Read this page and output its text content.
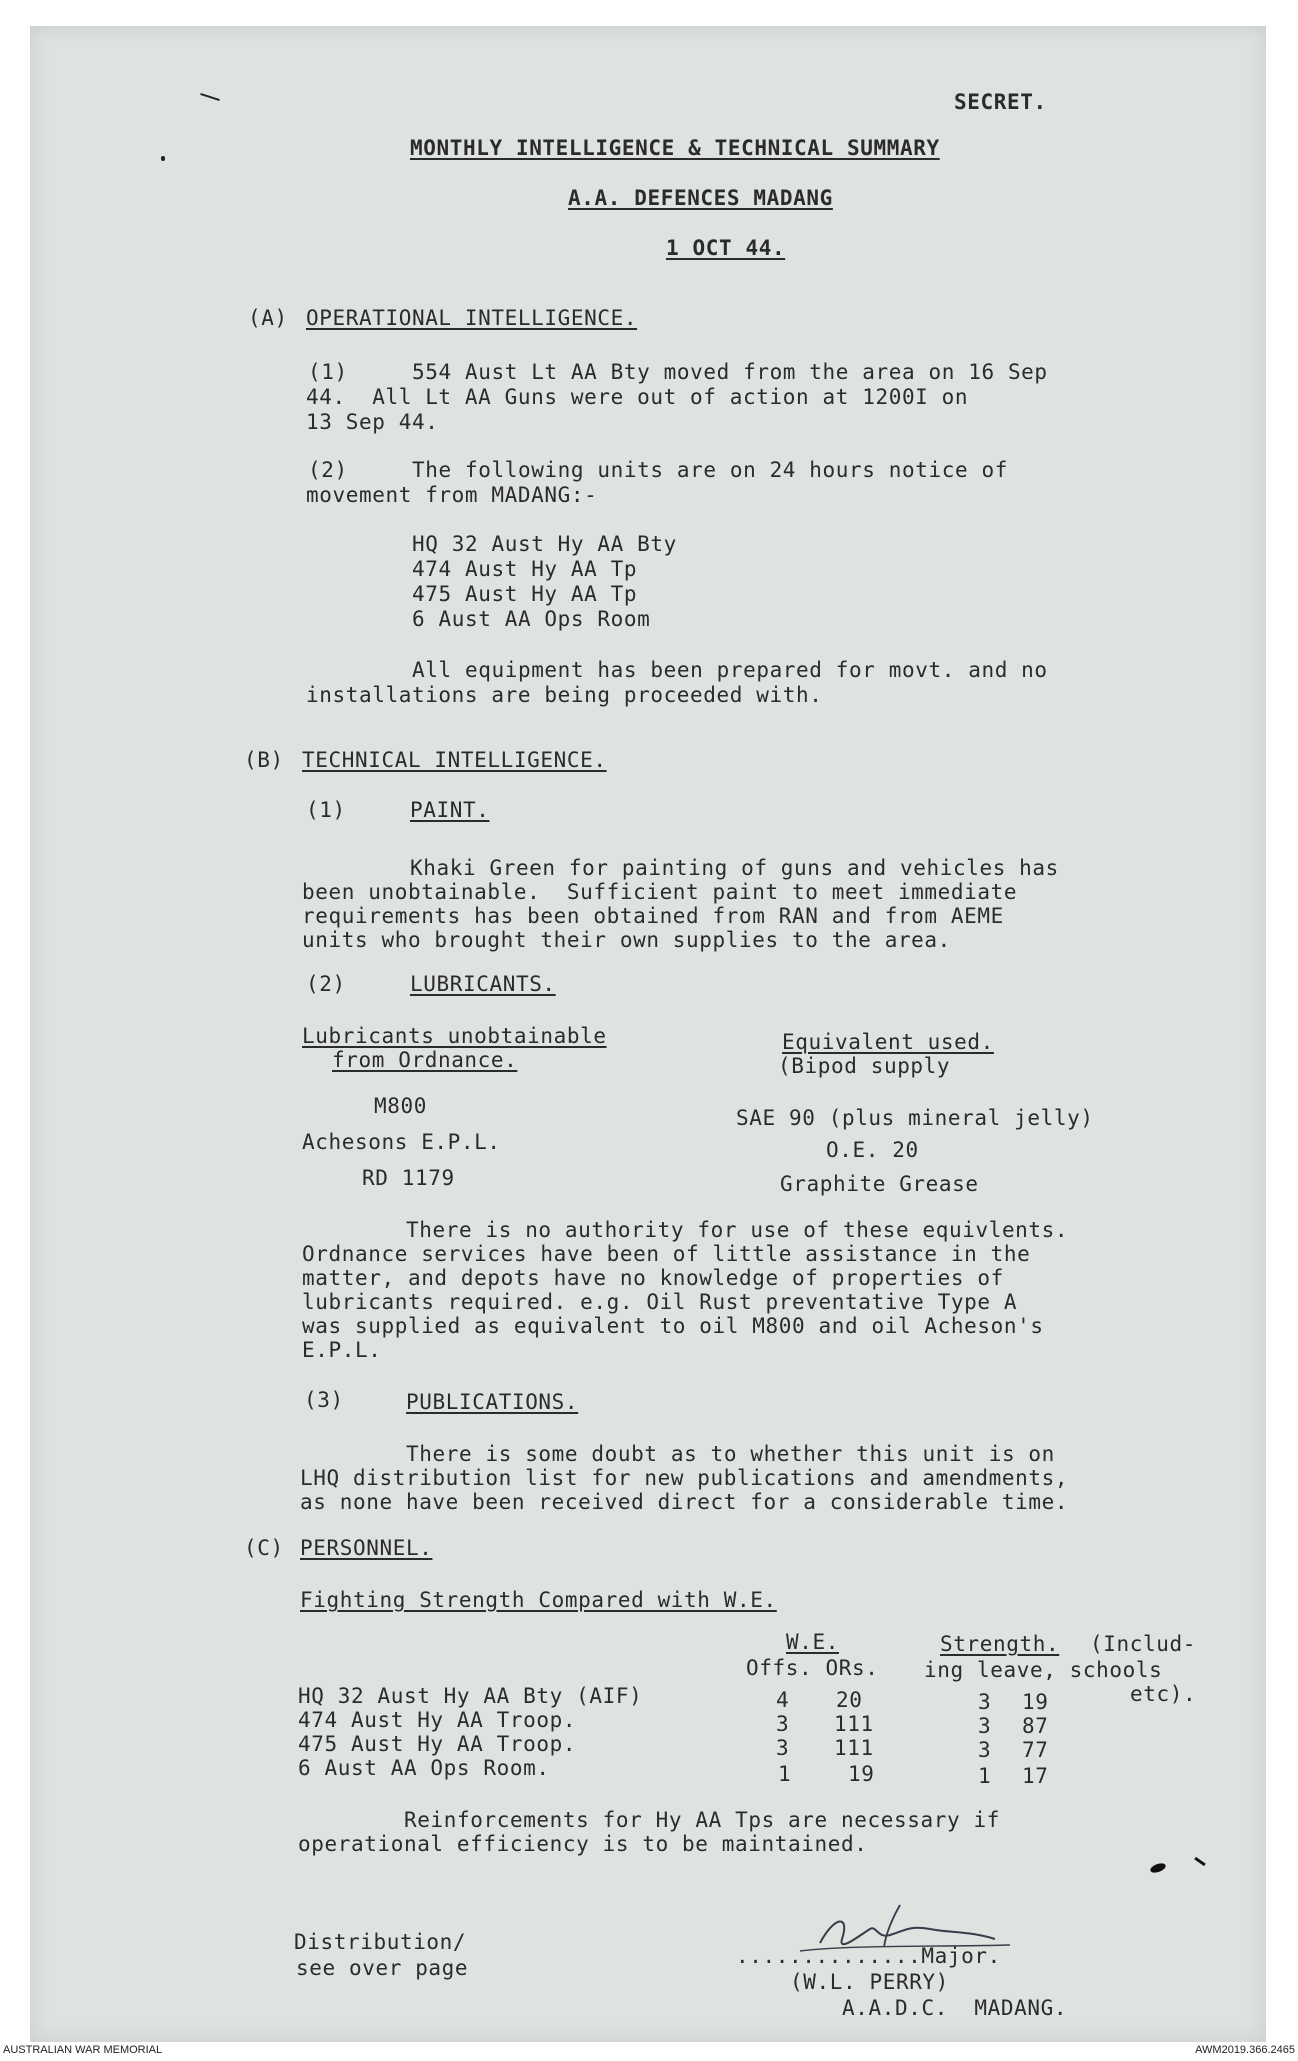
SECRET.
MONTHLY INTELLIGENCE & TECHNICAL SUMMARY
A.A. DEFENCES MADANG
1 OCT 44.
(A) OPERATIONAL INTELLIGENCE.
(1)	554 Aust Lt AA Bty moved from the area on 16 Sep
44.  All Lt AA Guns were out of action at 1200I on
13 Sep 44.
(2)	The following units are on 24 hours notice of
movement from MADANG:-
HQ 32 Aust Hy AA Bty
474 Aust Hy AA Tp
475 Aust Hy AA Tp
6 Aust AA Ops Room
All equipment has been prepared for movt. and no
installations are being proceeded with.
(B) TECHNICAL INTELLIGENCE.
(1)	PAINT.
Khaki Green for painting of guns and vehicles has
been unobtainable.  Sufficient paint to meet immediate
requirements has been obtained from RAN and from AEME
units who brought their own supplies to the area.
(2)	LUBRICANTS.
Lubricants unobtainable
from Ordnance.
Equivalent used.
(Bipod supply
M800	SAE 90 (plus mineral jelly)
Achesons E.P.L.	O.E. 20
RD 1179	Graphite Grease
There is no authority for use of these equivlents.
Ordnance services have been of little assistance in the
matter, and depots have no knowledge of properties of
lubricants required. e.g. Oil Rust preventative Type A
was supplied as equivalent to oil M800 and oil Acheson's
E.P.L.
(3)	PUBLICATIONS.
There is some doubt as to whether this unit is on
LHQ distribution list for new publications and amendments,
as none have been received direct for a considerable time.
(C) PERSONNEL.
Fighting Strength Compared with W.E.
W.E.	Strength. (Includ-
Offs. ORs. ing leave, schools
etc).
HQ 32 Aust Hy AA Bty (AIF)	4 20	3 19
474 Aust Hy AA Troop.	3 111	3 87
475 Aust Hy AA Troop.	3 111	3 77
6 Aust AA Ops Room.	1	19	1 17
Reinforcements for Hy AA Tps are necessary if
operational efficiency is to be maintained.
Distribution/
see over page	..............Major.
(W.L. PERRY)
A.A.D.C.  MADANG.
AUSTRALIAN WAR MEMORIAL	AWM2019.366.2465
